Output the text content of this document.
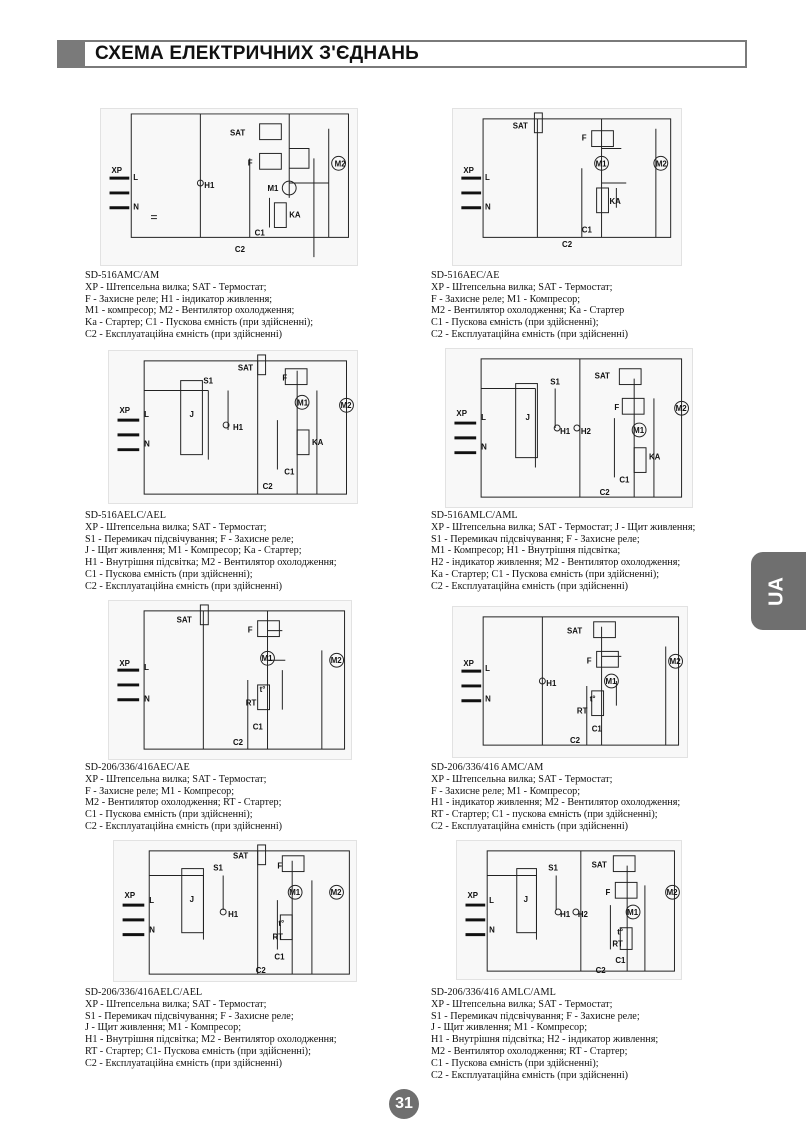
СХЕМА ЕЛЕКТРИЧНИХ З'ЄДНАНЬ
UA
XP
L
N
SAT
F
H1	M1
M2
KA
C1
C2
SD-516AMC/AM
XP - Штепсельна вилка; SAT - Термостат;
F - Захисне реле; H1 - індикатор живлення;
M1 - компресор; M2 - Вентилятор охолодження;
Ka - Стартер; C1 - Пускова ємність (при здійсненні);
C2 - Експлуатаційна ємність (при здійсненні)
XP
L
N
SAT
F
M1	M2
KA
C1
C2
SD-516AEC/AE
XP - Штепсельна вилка; SAT - Термостат;
F - Захисне реле; M1 - Компресор;
M2 - Вентилятор охолодження; Ka - Стартер
C1 - Пускова ємність (при здійсненні);
C2 - Експлуатаційна ємність (при здійсненні)
XP L
N
SAT
F
S1
J
H1
M1	M2
KA
C1
C2
SD-516AELC/AEL
XP - Штепсельна вилка; SAT - Термостат;
S1 - Перемикач підсвічування; F - Захисне реле;
J - Щит живлення; M1 - Компресор; Ka - Стартер;
H1 - Внутрішня підсвітка; M2 - Вентилятор охолодження;
C1 - Пускова ємність (при здійсненні);
C2 - Експлуатаційна ємність (при здійсненні)
XP L
N
SAT
F
S1
J
H1 H2	M1
M2
KA
C1
C2
SD-516AMLC/AML
XP - Штепсельна вилка; SAT - Термостат; J - Щит живлення;
S1 - Перемикач підсвічування; F - Захисне реле;
M1 - Компресор; H1 - Внутрішня підсвітка;
H2 - індикатор живлення; M2 - Вентилятор охолодження;
Ka - Стартер; C1 - Пускова ємність (при здійсненні);
C2 - Експлуатаційна ємність (при здійсненні)
XP L
N
SAT
F
M1	M2
t°
RT
C1
C2
SD-206/336/416AEC/AE
XP - Штепсельна вилка; SAT - Термостат;
F - Захисне реле; M1 - Компресор;
M2 - Вентилятор охолодження; RT - Стартер;
C1 - Пускова ємність (при здійсненні);
C2 - Експлуатаційна ємність (при здійсненні)
XP
L
N
SAT
F
H1	M1
M2
t°
RT
C1
C2
SD-206/336/416 AMC/AM
XP - Штепсельна вилка; SAT - Термостат;
F - Захисне реле; M1 - Компресор;
H1 - індикатор живлення; M2 - Вентилятор охолодження;
RT - Стартер; C1 - пускова ємність (при здійсненні);
C2 - Експлуатаційна ємність (при здійсненні)
XP
L
N
SAT
F
S1
J
H1
M1	M2
t°
RT
C1
C2
SD-206/336/416AELC/AEL
XP - Штепсельна вилка; SAT - Термостат;
S1 - Перемикач підсвічування; F - Захисне реле;
J - Щит живлення; M1 - Компресор;
H1 - Внутрішня підсвітка; M2 - Вентилятор охолодження;
RT - Стартер; C1- Пускова ємність (при здійсненні);
C2 - Експлуатаційна ємність (при здійсненні)
XP
L
N
SAT
F
S1
J
H1 H2	M1
M2
t°
RT
C1
C2
SD-206/336/416 AMLC/AML
XP - Штепсельна вилка; SAT - Термостат;
S1 - Перемикач підсвічування; F - Захисне реле;
J - Щит живлення; M1 - Компресор;
H1 - Внутрішня підсвітка; H2 - індикатор живлення;
M2 - Вентилятор охолодження; RT - Стартер;
C1 - Пускова ємність (при здійсненні);
C2 - Експлуатаційна ємність (при здійсненні)
31
